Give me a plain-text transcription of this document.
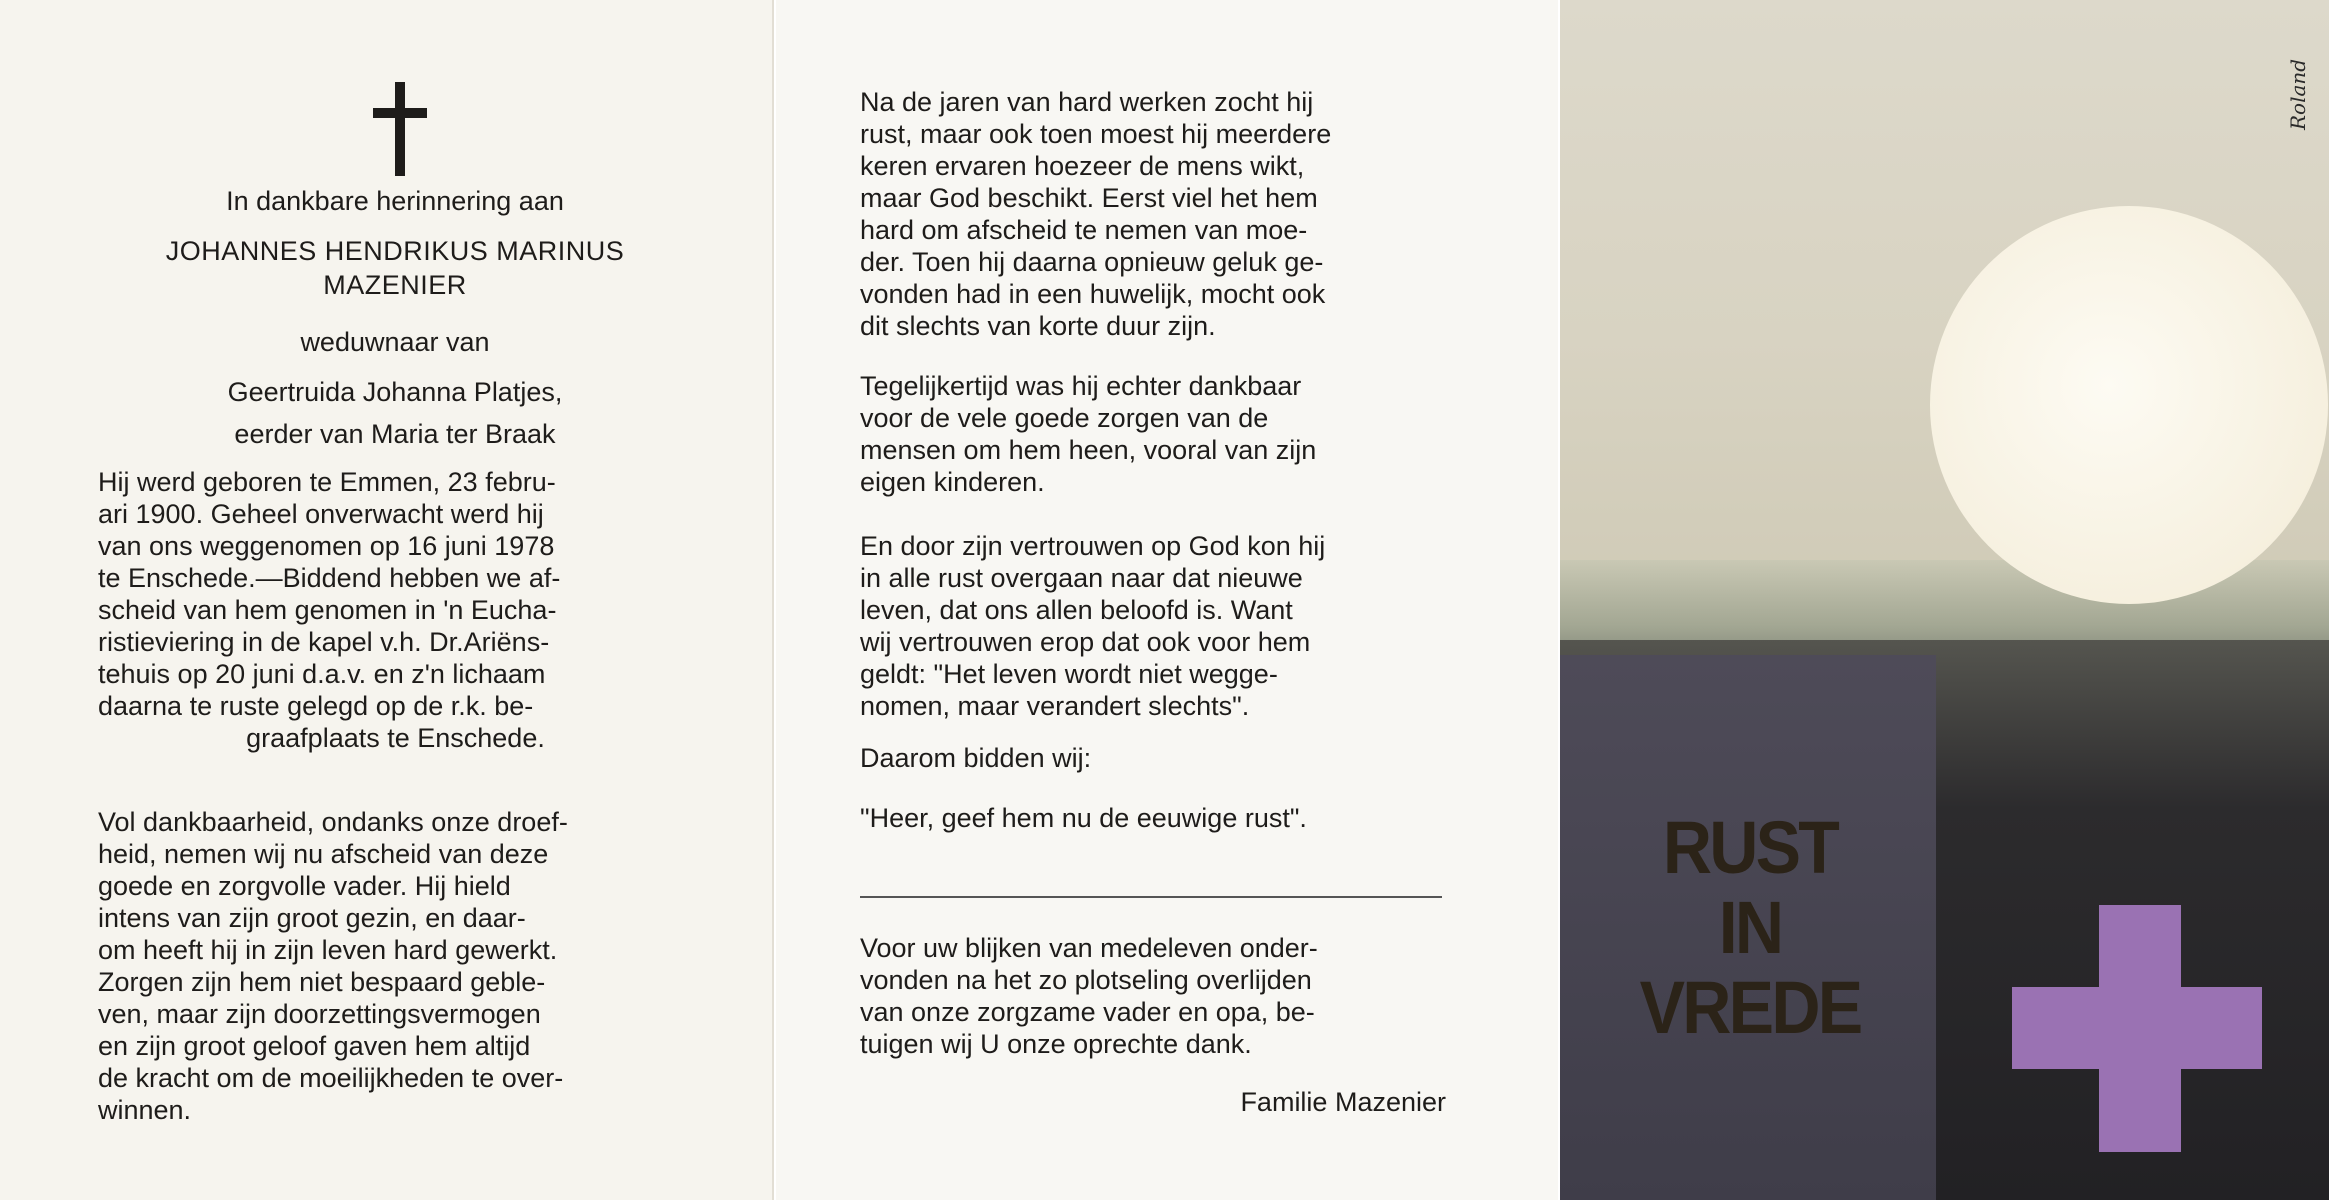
In dankbare herinnering aan
JOHANNES HENDRIKUS MARINUS
MAZENIER
weduwnaar van
Geertruida Johanna Platjes,
eerder van Maria ter Braak
Hij werd geboren te Emmen, 23 febru-
ari 1900. Geheel onverwacht werd hij
van ons weggenomen op 16 juni 1978
te Enschede.—Biddend hebben we af-
scheid van hem genomen in 'n Eucha-
ristieviering in de kapel v.h. Dr.Ariëns-
tehuis op 20 juni d.a.v. en z'n lichaam
daarna te ruste gelegd op de r.k. be-
graafplaats te Enschede.
Vol dankbaarheid, ondanks onze droef-
heid, nemen wij nu afscheid van deze
goede en zorgvolle vader. Hij hield
intens van zijn groot gezin, en daar-
om heeft hij in zijn leven hard gewerkt.
Zorgen zijn hem niet bespaard geble-
ven, maar zijn doorzettingsvermogen
en zijn groot geloof gaven hem altijd
de kracht om de moeilijkheden te over-
winnen.
Na de jaren van hard werken zocht hij
rust, maar ook toen moest hij meerdere
keren ervaren hoezeer de mens wikt,
maar God beschikt. Eerst viel het hem
hard om afscheid te nemen van moe-
der. Toen hij daarna opnieuw geluk ge-
vonden had in een huwelijk, mocht ook
dit slechts van korte duur zijn.
Tegelijkertijd was hij echter dankbaar
voor de vele goede zorgen van de
mensen om hem heen, vooral van zijn
eigen kinderen.
En door zijn vertrouwen op God kon hij
in alle rust overgaan naar dat nieuwe
leven, dat ons allen beloofd is. Want
wij vertrouwen erop dat ook voor hem
geldt: "Het leven wordt niet wegge-
nomen, maar verandert slechts".
Daarom bidden wij:
"Heer, geef hem nu de eeuwige rust".
Voor uw blijken van medeleven onder-
vonden na het zo plotseling overlijden
van onze zorgzame vader en opa, be-
tuigen wij U onze oprechte dank.
Familie Mazenier
RUST
IN
VREDE
Roland
